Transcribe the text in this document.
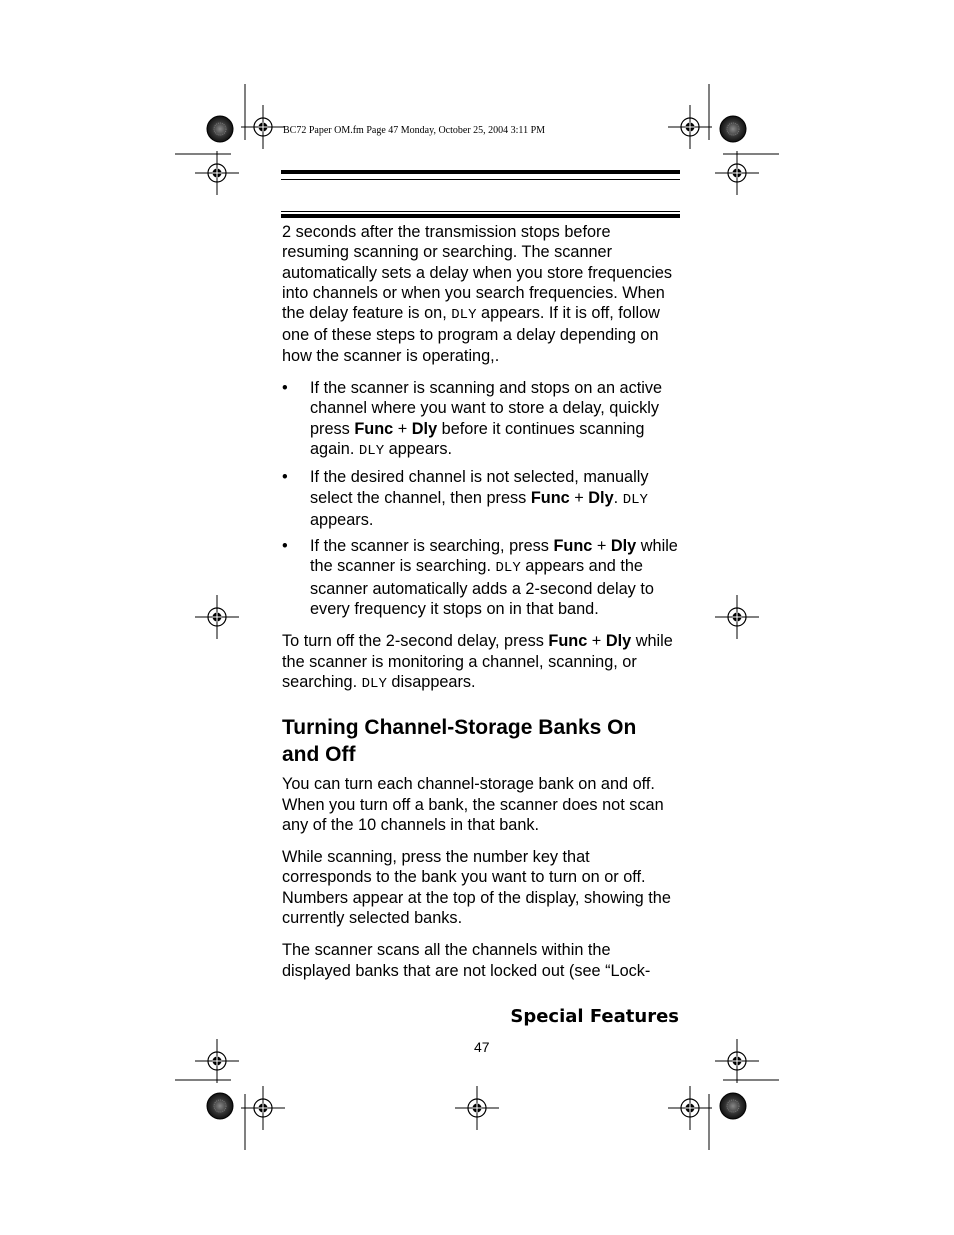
BC72 Paper OM.fm Page 47 Monday, October 25, 2004 3:11 PM

2 seconds after the transmission stops before resuming scanning or searching. The scanner automatically sets a delay when you store frequencies into channels or when you search frequencies. When the delay feature is on, DLY appears. If it is off, follow one of these steps to program a delay depending on how the scanner is operating,.

• If the scanner is scanning and stops on an active channel where you want to store a delay, quickly press Func + Dly before it continues scanning again. DLY appears.
• If the desired channel is not selected, manually select the channel, then press Func + Dly. DLY appears.
• If the scanner is searching, press Func + Dly while the scanner is searching. DLY appears and the scanner automatically adds a 2-second delay to every frequency it stops on in that band.

To turn off the 2-second delay, press Func + Dly while the scanner is monitoring a channel, scanning, or searching. DLY disappears.

Turning Channel-Storage Banks On and Off

You can turn each channel-storage bank on and off. When you turn off a bank, the scanner does not scan any of the 10 channels in that bank.

While scanning, press the number key that corresponds to the bank you want to turn on or off. Numbers appear at the top of the display, showing the currently selected banks.

The scanner scans all the channels within the displayed banks that are not locked out (see “Lock-

Special Features
47
